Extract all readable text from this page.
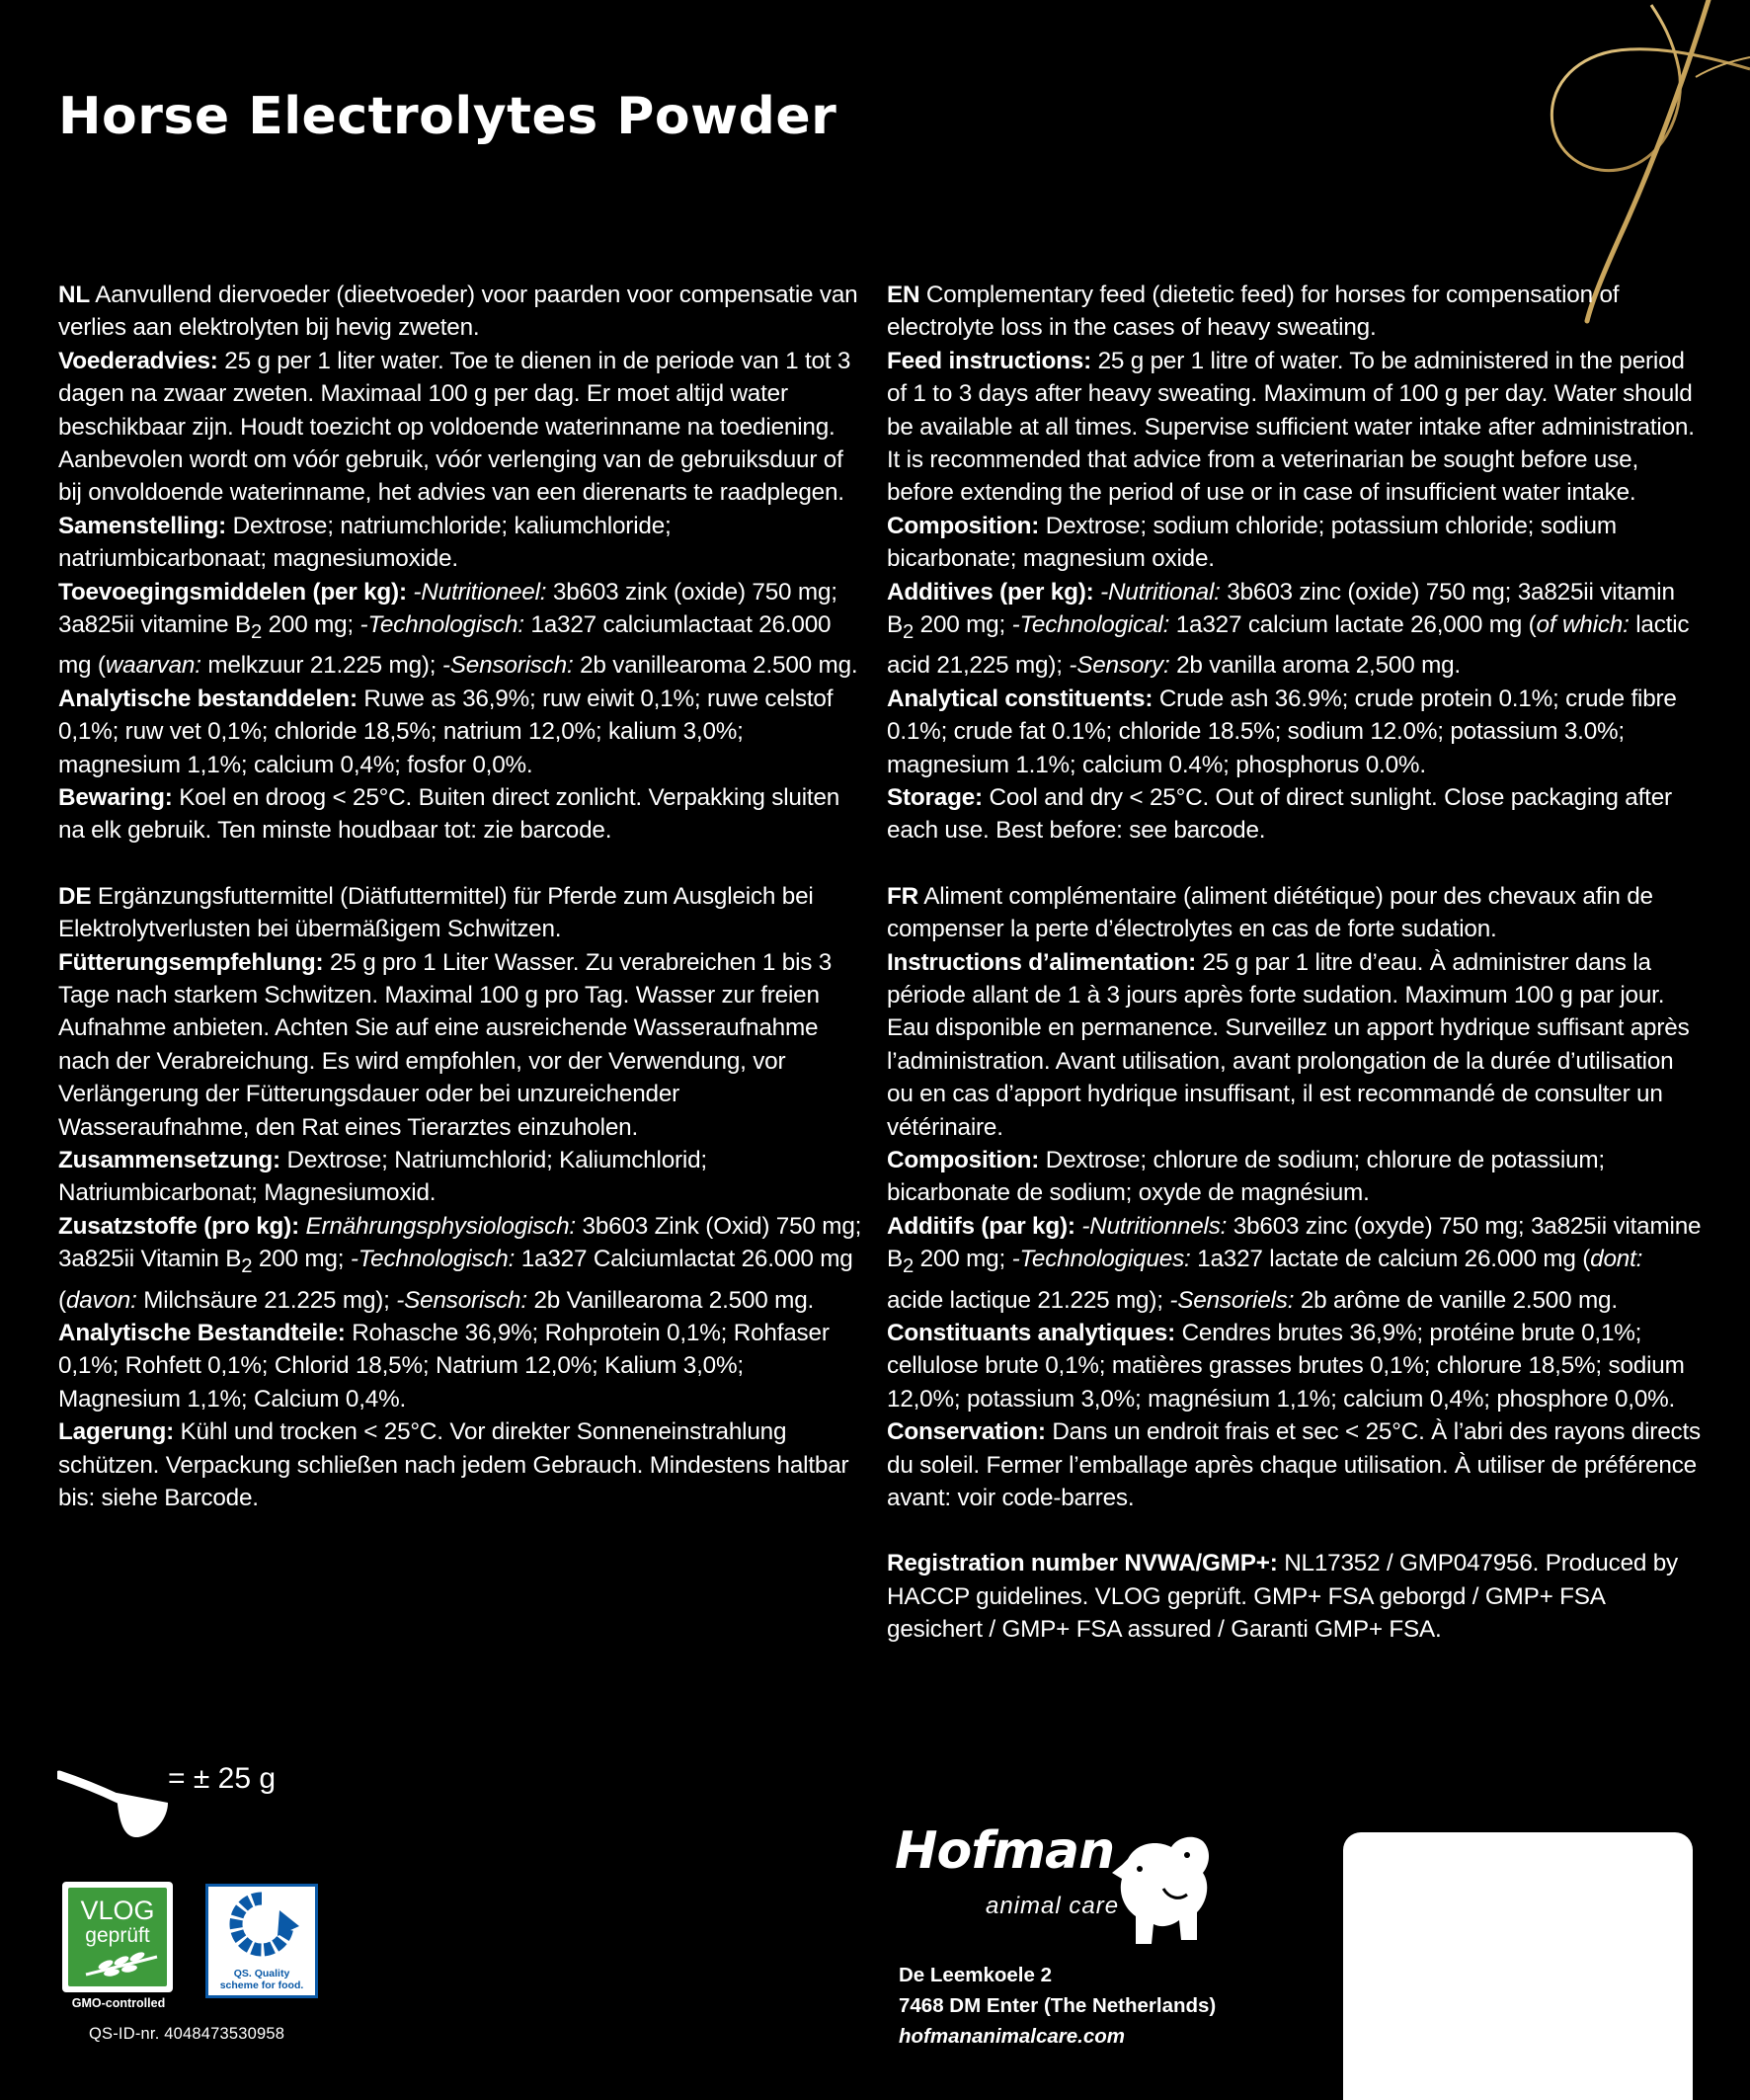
Horse Electrolytes Powder

NL Aanvullend diervoeder (dieetvoeder) voor paarden voor compensatie van verlies aan elektrolyten bij hevig zweten.

Voederadvies: 25 g per 1 liter water. Toe te dienen in de periode van 1 tot 3 dagen na zwaar zweten. Maximaal 100 g per dag. Er moet altijd water beschikbaar zijn. Houdt toezicht op voldoende waterinname na toediening. Aanbevolen wordt om vóór gebruik, vóór verlenging van de gebruiksduur of bij onvoldoende waterinname, het advies van een dierenarts te raadplegen.

Samenstelling: Dextrose; natriumchloride; kaliumchloride; natriumbicarbonaat; magnesiumoxide.

Toevoegingsmiddelen (per kg): -Nutritioneel: 3b603 zink (oxide) 750 mg; 3a825ii vitamine $B_2$ 200 mg; -Technologisch: 1a327 calciumlactaat 26.000 mg (waarvan: melkzuur 21.225 mg); -Sensorisch: 2b vanillearoma 2.500 mg.

Analytische bestanddelen: Ruwe as 36,9%; ruw eiwit 0,1%; ruwe celstof 0,1%; ruw vet 0,1%; chloride 18,5%; natrium 12,0%; kalium 3,0%; magnesium 1,1%; calcium 0,4%; fosfor 0,0%.

Bewaring: Koel en droog < 25°C. Buiten direct zonlicht. Verpakking sluiten na elk gebruik. Ten minste houdbaar tot: zie barcode.

DE Ergänzungsfuttermittel (Diätfuttermittel) für Pferde zum Ausgleich bei Elektrolytverlusten bei übermäßigem Schwitzen.

Fütterungsempfehlung: 25 g pro 1 Liter Wasser. Zu verabreichen 1 bis 3 Tage nach starkem Schwitzen. Maximal 100 g pro Tag. Wasser zur freien Aufnahme anbieten. Achten Sie auf eine ausreichende Wasseraufnahme nach der Verabreichung. Es wird empfohlen, vor der Verwendung, vor Verlängerung der Fütterungsdauer oder bei unzureichender Wasseraufnahme, den Rat eines Tierarztes einzuholen.

Zusammensetzung: Dextrose; Natriumchlorid; Kaliumchlorid; Natriumbicarbonat; Magnesiumoxid.

Zusatzstoffe (pro kg): Ernährungsphysiologisch: 3b603 Zink (Oxid) 750 mg; 3a825ii Vitamin $B_2$ 200 mg; -Technologisch: 1a327 Calciumlactat 26.000 mg (davon: Milchsäure 21.225 mg); -Sensorisch: 2b Vanillearoma 2.500 mg.

Analytische Bestandteile: Rohasche 36,9%; Rohprotein 0,1%; Rohfaser 0,1%; Rohfett 0,1%; Chlorid 18,5%; Natrium 12,0%; Kalium 3,0%; Magnesium 1,1%; Calcium 0,4%.

Lagerung: Kühl und trocken < 25°C. Vor direkter Sonneneinstrahlung schützen. Verpackung schließen nach jedem Gebrauch. Mindestens haltbar bis: siehe Barcode.

EN Complementary feed (dietetic feed) for horses for compensation of electrolyte loss in the cases of heavy sweating.

Feed instructions: 25 g per 1 litre of water. To be administered in the period of 1 to 3 days after heavy sweating. Maximum of 100 g per day. Water should be available at all times. Supervise sufficient water intake after administration. It is recommended that advice from a veterinarian be sought before use, before extending the period of use or in case of insufficient water intake.

Composition: Dextrose; sodium chloride; potassium chloride; sodium bicarbonate; magnesium oxide.

Additives (per kg): -Nutritional: 3b603 zinc (oxide) 750 mg; 3a825ii vitamin $B_2$ 200 mg; -Technological: 1a327 calcium lactate 26,000 mg (of which: lactic acid 21,225 mg); -Sensory: 2b vanilla aroma 2,500 mg.

Analytical constituents: Crude ash 36.9%; crude protein 0.1%; crude fibre 0.1%; crude fat 0.1%; chloride 18.5%; sodium 12.0%; potassium 3.0%; magnesium 1.1%; calcium 0.4%; phosphorus 0.0%.

Storage: Cool and dry < 25°C. Out of direct sunlight. Close packaging after each use. Best before: see barcode.

FR Aliment complémentaire (aliment diététique) pour des chevaux afin de compenser la perte d’électrolytes en cas de forte sudation.

Instructions d’alimentation: 25 g par 1 litre d’eau. À administrer dans la période allant de 1 à 3 jours après forte sudation. Maximum 100 g par jour. Eau disponible en permanence. Surveillez un apport hydrique suffisant après l’administration. Avant utilisation, avant prolongation de la durée d’utilisation ou en cas d’apport hydrique insuffisant, il est recommandé de consulter un vétérinaire.

Composition: Dextrose; chlorure de sodium; chlorure de potassium; bicarbonate de sodium; oxyde de magnésium.

Additifs (par kg): -Nutritionnels: 3b603 zinc (oxyde) 750 mg; 3a825ii vitamine $B_2$ 200 mg; -Technologiques: 1a327 lactate de calcium 26.000 mg (dont: acide lactique 21.225 mg); -Sensoriels: 2b arôme de vanille 2.500 mg.

Constituants analytiques: Cendres brutes 36,9%; protéine brute 0,1%; cellulose brute 0,1%; matières grasses brutes 0,1%; chlorure 18,5%; sodium 12,0%; potassium 3,0%; magnésium 1,1%; calcium 0,4%; phosphore 0,0%.

Conservation: Dans un endroit frais et sec < 25°C. À l’abri des rayons directs du soleil. Fermer l’emballage après chaque utilisation. À utiliser de préférence avant: voir code-barres.

Registration number NVWA/GMP+: NL17352 / GMP047956. Produced by HACCP guidelines. VLOG geprüft. GMP+ FSA geborgd / GMP+ FSA gesichert / GMP+ FSA assured / Garanti GMP+ FSA.

= ± 25 g
VLOG
geprüft
GMO-controlled
QS. Quality
scheme for food.
QS-ID-nr. 4048473530958
Hofman
animal care
De Leemkoele 2
7468 DM Enter (The Netherlands)
hofmananimalcare.com
